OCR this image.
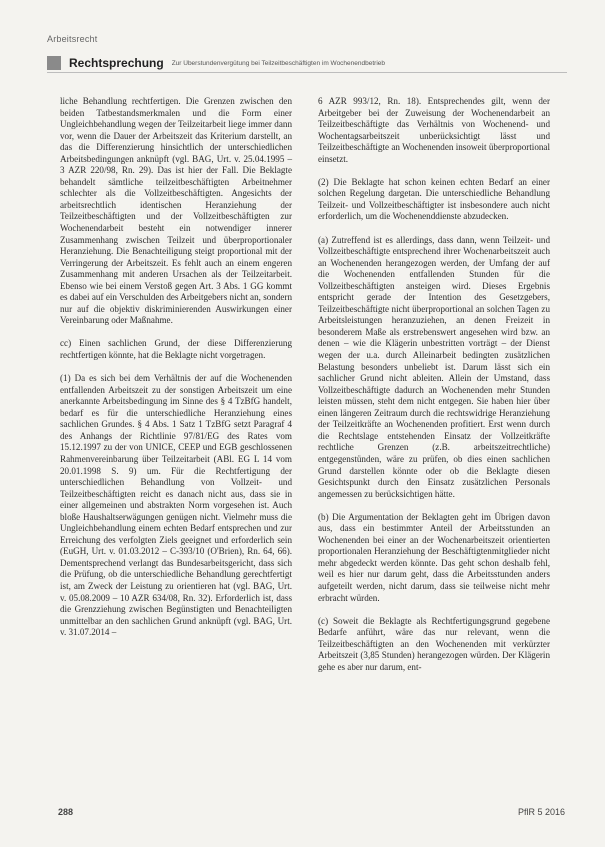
Arbeitsrecht
Rechtsprechung Zur Überstundenvergütung bei Teilzeitbeschäftigten im Wochenendbetrieb

liche Behandlung rechtfertigen. Die Grenzen zwischen den beiden Tatbestandsmerkmalen und die Form einer Ungleichbehandlung wegen der Teilzeitarbeit liege immer dann vor, wenn die Dauer der Arbeitszeit das Kriterium darstellt, an das die Differenzierung hinsichtlich der unterschiedlichen Arbeitsbedingungen anknüpft (vgl. BAG, Urt. v. 25.04.1995 – 3 AZR 220/98, Rn. 29). Das ist hier der Fall. Die Beklagte behandelt sämtliche teilzeitbeschäftigten Arbeitnehmer schlechter als die Vollzeitbeschäftigten. Angesichts der arbeitsrechtlich identischen Heranziehung der Teilzeitbeschäftigten und der Vollzeitbeschäftigten zur Wochenendarbeit besteht ein notwendiger innerer Zusammenhang zwischen Teilzeit und überproportionaler Heranziehung. Die Benachteiligung steigt proportional mit der Verringerung der Arbeitszeit. Es fehlt auch an einem engeren Zusammenhang mit anderen Ursachen als der Teilzeitarbeit. Ebenso wie bei einem Verstoß gegen Art. 3 Abs. 1 GG kommt es dabei auf ein Verschulden des Arbeitgebers nicht an, sondern nur auf die objektiv diskriminierenden Auswirkungen einer Vereinbarung oder Maßnahme.

cc) Einen sachlichen Grund, der diese Differenzierung rechtfertigen könnte, hat die Beklagte nicht vorgetragen.

(1) Da es sich bei dem Verhältnis der auf die Wochenenden entfallenden Arbeitszeit zu der sonstigen Arbeitszeit um eine anerkannte Arbeitsbedingung im Sinne des § 4 TzBfG handelt, bedarf es für die unterschiedliche Heranziehung eines sachlichen Grundes. § 4 Abs. 1 Satz 1 TzBfG setzt Paragraf 4 des Anhangs der Richtlinie 97/81/EG des Rates vom 15.12.1997 zu der von UNICE, CEEP und EGB geschlossenen Rahmenvereinbarung über Teilzeitarbeit (ABl. EG L 14 vom 20.01.1998 S. 9) um. Für die Rechtfertigung der unterschiedlichen Behandlung von Vollzeit- und Teilzeitbeschäftigten reicht es danach nicht aus, dass sie in einer allgemeinen und abstrakten Norm vorgesehen ist. Auch bloße Haushaltserwägungen genügen nicht. Vielmehr muss die Ungleichbehandlung einem echten Bedarf entsprechen und zur Erreichung des verfolgten Ziels geeignet und erforderlich sein (EuGH, Urt. v. 01.03.2012 – C-393/10 (O'Brien), Rn. 64, 66). Dementsprechend verlangt das Bundesarbeitsgericht, dass sich die Prüfung, ob die unterschiedliche Behandlung gerechtfertigt ist, am Zweck der Leistung zu orientieren hat (vgl. BAG, Urt. v. 05.08.2009 – 10 AZR 634/08, Rn. 32). Erforderlich ist, dass die Grenzziehung zwischen Begünstigten und Benachteiligten unmittelbar an den sachlichen Grund anknüpft (vgl. BAG, Urt. v. 31.07.2014 –

6 AZR 993/12, Rn. 18). Entsprechendes gilt, wenn der Arbeitgeber bei der Zuweisung der Wochenendarbeit an Teilzeitbeschäftigte das Verhältnis von Wochenend- und Wochentagsarbeitszeit unberücksichtigt lässt und Teilzeitbeschäftigte an Wochenenden insoweit überproportional einsetzt.

(2) Die Beklagte hat schon keinen echten Bedarf an einer solchen Regelung dargetan. Die unterschiedliche Behandlung Teilzeit- und Vollzeitbeschäftigter ist insbesondere auch nicht erforderlich, um die Wochenenddienste abzudecken.

(a) Zutreffend ist es allerdings, dass dann, wenn Teilzeit- und Vollzeitbeschäftigte entsprechend ihrer Wochenarbeitszeit auch an Wochenenden herangezogen werden, der Umfang der auf die Wochenenden entfallenden Stunden für die Vollzeitbeschäftigten ansteigen wird. Dieses Ergebnis entspricht gerade der Intention des Gesetzgebers, Teilzeitbeschäftigte nicht überproportional an solchen Tagen zu Arbeitsleistungen heranzuziehen, an denen Freizeit in besonderem Maße als erstrebenswert angesehen wird bzw. an denen – wie die Klägerin unbestritten vorträgt – der Dienst wegen der u.a. durch Alleinarbeit bedingten zusätzlichen Belastung besonders unbeliebt ist. Darum lässt sich ein sachlicher Grund nicht ableiten. Allein der Umstand, dass Vollzeitbeschäftigte dadurch an Wochenenden mehr Stunden leisten müssen, steht dem nicht entgegen. Sie haben hier über einen längeren Zeitraum durch die rechtswidrige Heranziehung der Teilzeitkräfte an Wochenenden profitiert. Erst wenn durch die Rechtslage entstehenden Einsatz der Vollzeitkräfte rechtliche Grenzen (z.B. arbeitszeitrechtliche) entgegenstünden, wäre zu prüfen, ob dies einen sachlichen Grund darstellen könnte oder ob die Beklagte diesen Gesichtspunkt durch den Einsatz zusätzlichen Personals angemessen zu berücksichtigen hätte.

(b) Die Argumentation der Beklagten geht im Übrigen davon aus, dass ein bestimmter Anteil der Arbeitsstunden an Wochenenden bei einer an der Wochenarbeitszeit orientierten proportionalen Heranziehung der Beschäftigtenmitglieder nicht mehr abgedeckt werden könnte. Das geht schon deshalb fehl, weil es hier nur darum geht, dass die Arbeitsstunden anders aufgeteilt werden, nicht darum, dass sie teilweise nicht mehr erbracht würden.

(c) Soweit die Beklagte als Rechtfertigungsgrund gegebene Bedarfe anführt, wäre das nur relevant, wenn die Teilzeitbeschäftigten an den Wochenenden mit verkürzter Arbeitszeit (3,85 Stunden) herangezogen würden. Der Klägerin gehe es aber nur darum, ent-

288	PflR 5 2016
